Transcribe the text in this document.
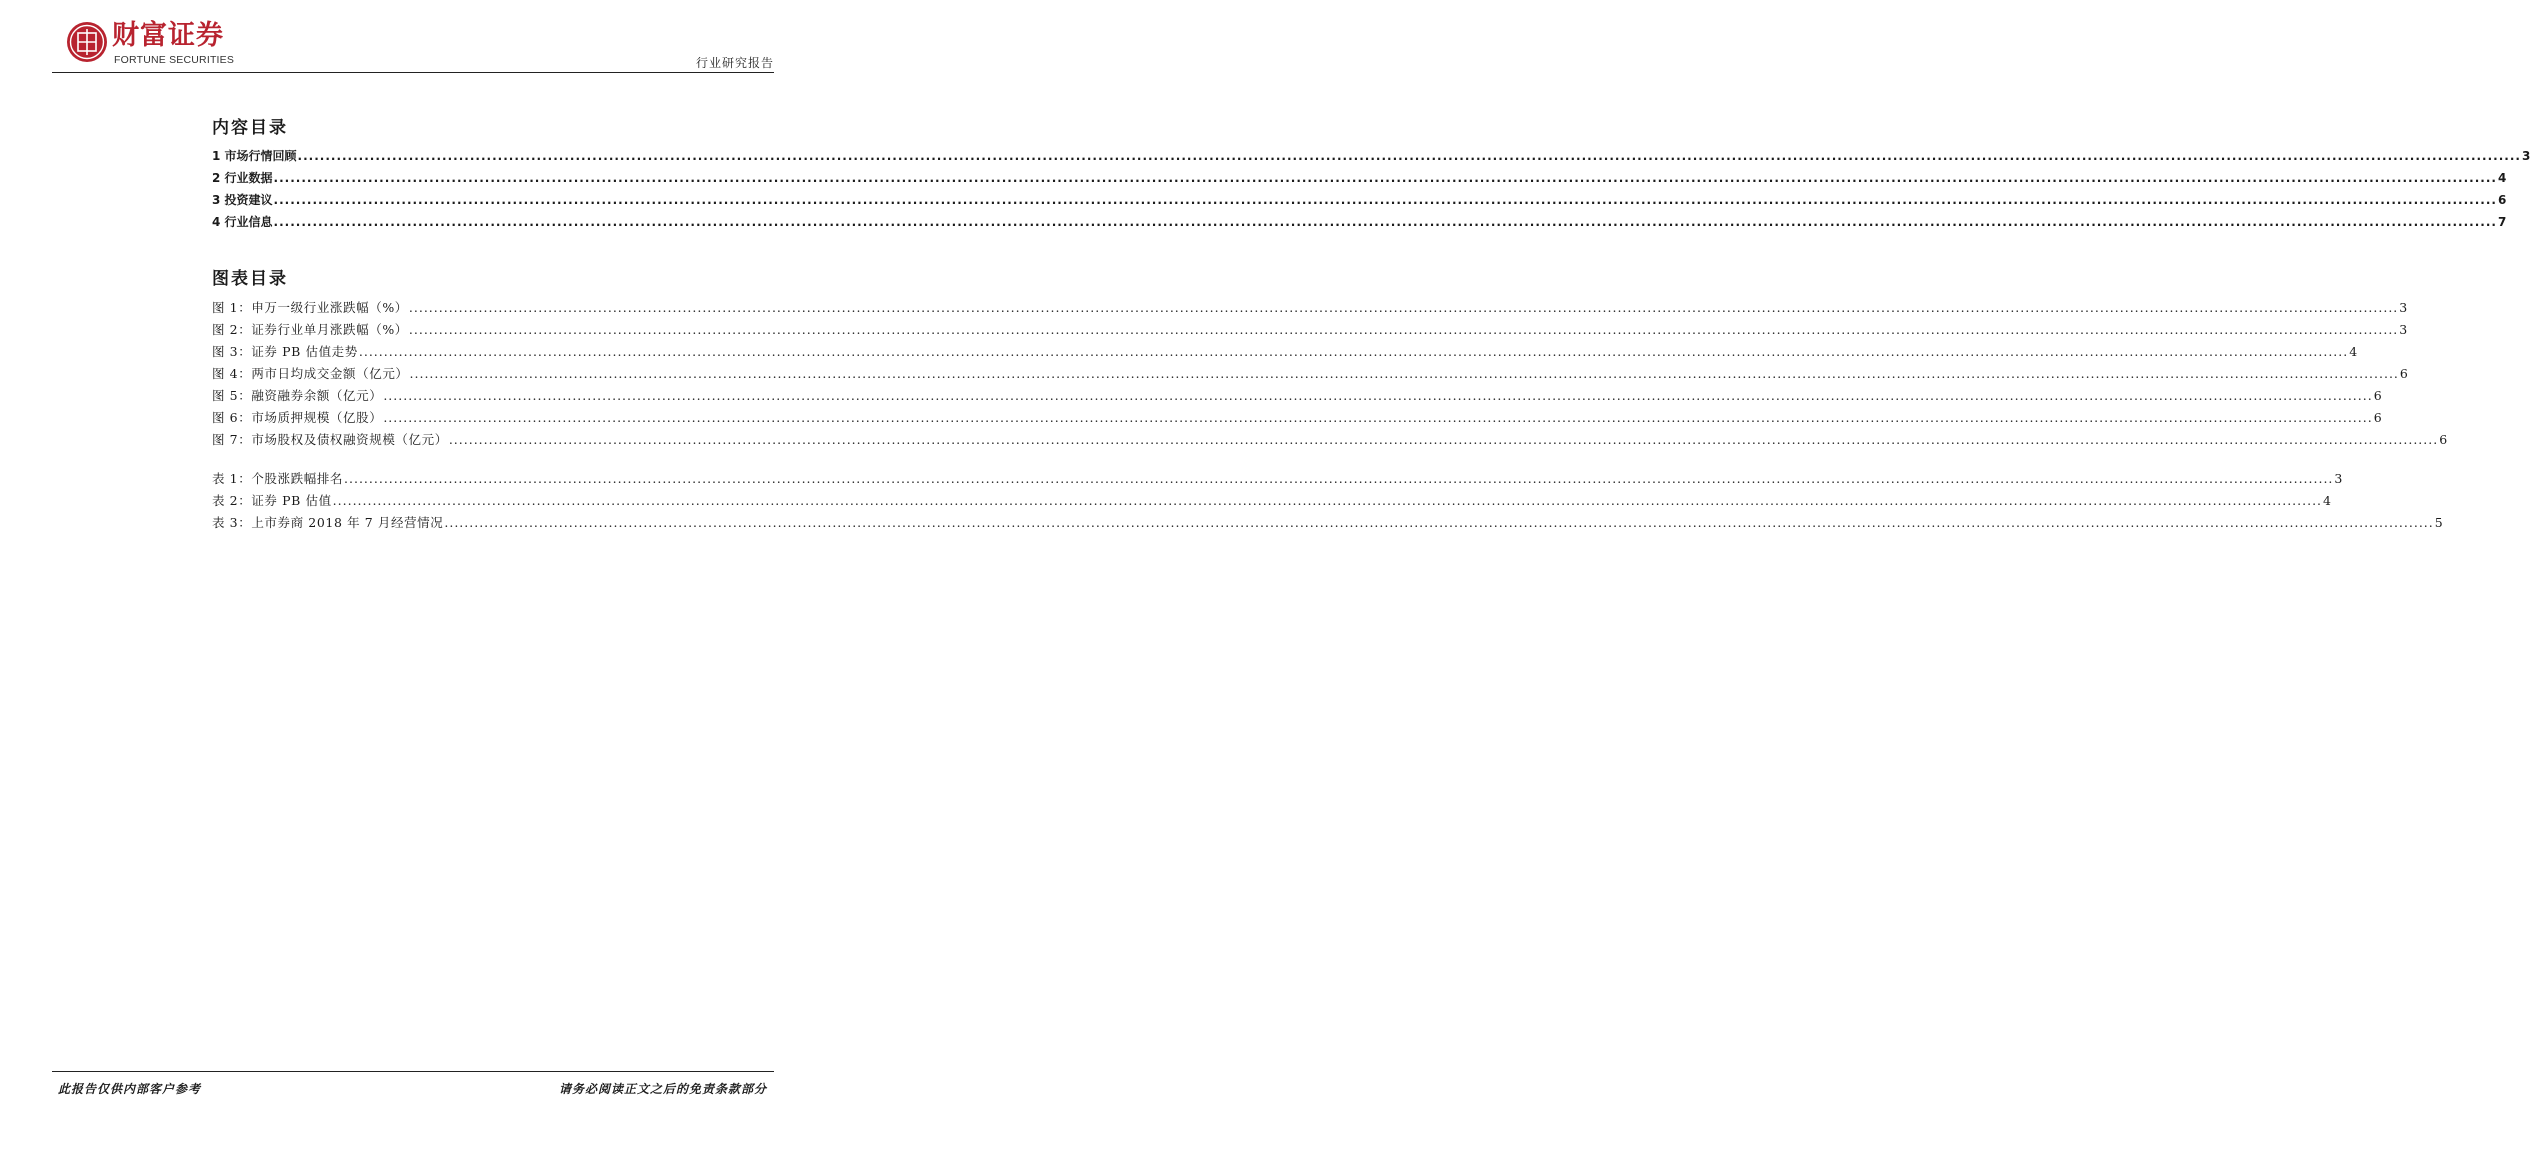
财富证券
FORTUNE SECURITIES	行业研究报告
内容目录
1 市场行情回顾 ................................................................................................................................................................................................................................................................................................................................................................................................................ 3
2 行业数据 ................................................................................................................................................................................................................................................................................................................................................................................................................ 4
3 投资建议 ................................................................................................................................................................................................................................................................................................................................................................................................................ 6
4 行业信息 ................................................................................................................................................................................................................................................................................................................................................................................................................ 7
图表目录
图 1：申万一级行业涨跌幅（%） ................................................................................................................................................................................................................................................................................................................................................................................................................ 3
图 2：证券行业单月涨跌幅（%） ................................................................................................................................................................................................................................................................................................................................................................................................................ 3
图 3：证券 PB 估值走势 ................................................................................................................................................................................................................................................................................................................................................................................................................ 4
图 4：两市日均成交金额（亿元） ................................................................................................................................................................................................................................................................................................................................................................................................................ 6
图 5：融资融券余额（亿元） ................................................................................................................................................................................................................................................................................................................................................................................................................ 6
图 6：市场质押规模（亿股） ................................................................................................................................................................................................................................................................................................................................................................................................................ 6
图 7：市场股权及债权融资规模（亿元） ................................................................................................................................................................................................................................................................................................................................................................................................................ 6
表 1：个股涨跌幅排名 ................................................................................................................................................................................................................................................................................................................................................................................................................ 3
表 2：证券 PB 估值 ................................................................................................................................................................................................................................................................................................................................................................................................................ 4
表 3：上市券商 2018 年 7 月经营情况 ................................................................................................................................................................................................................................................................................................................................................................................................................ 5
此报告仅供内部客户参考	请务必阅读正文之后的免责条款部分
